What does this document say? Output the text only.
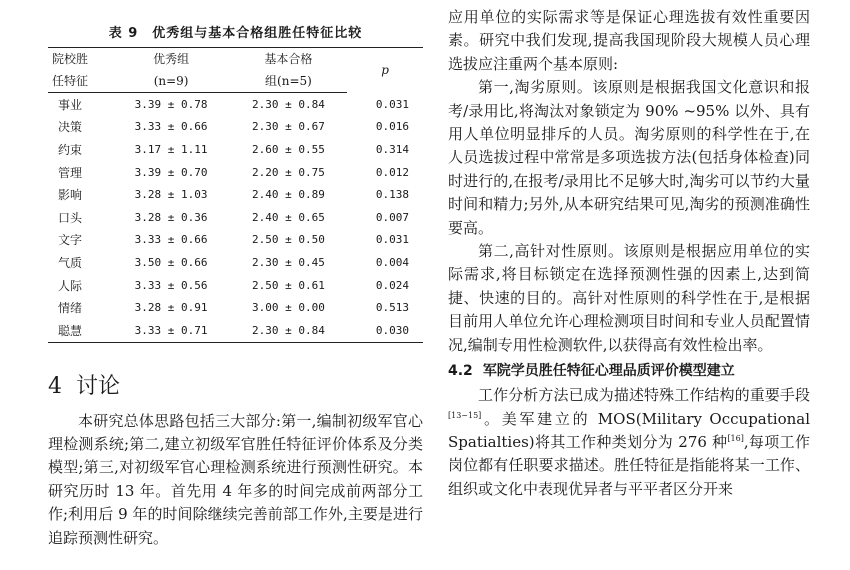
表 9 优秀组与基本合格组胜任特征比较
院校胜	优秀组	基本合格	p
任特征	(n=9)	组(n=5)	
事业	3.39 ± 0.78	2.30 ± 0.84	0.031
决策	3.33 ± 0.66	2.30 ± 0.67	0.016
约束	3.17 ± 1.11	2.60 ± 0.55	0.314
管理	3.39 ± 0.70	2.20 ± 0.75	0.012
影响	3.28 ± 1.03	2.40 ± 0.89	0.138
口头	3.28 ± 0.36	2.40 ± 0.65	0.007
文字	3.33 ± 0.66	2.50 ± 0.50	0.031
气质	3.50 ± 0.66	2.30 ± 0.45	0.004
人际	3.33 ± 0.56	2.50 ± 0.61	0.024
情绪	3.28 ± 0.91	3.00 ± 0.00	0.513
聪慧	3.33 ± 0.71	2.30 ± 0.84	0.030
4 讨论

本研究总体思路包括三大部分:第一,编制初级军官心理检测系统;第二,建立初级军官胜任特征评价体系及分类模型;第三,对初级军官心理检测系统进行预测性研究。本研究历时 13 年。首先用 4 年多的时间完成前两部分工作;利用后 9 年的时间除继续完善前部工作外,主要是进行追踪预测性研究。

应用单位的实际需求等是保证心理选拔有效性重要因素。研究中我们发现,提高我国现阶段大规模人员心理选拔应注重两个基本原则:

第一,淘劣原则。该原则是根据我国文化意识和报考/录用比,将淘汰对象锁定为 90% ~95% 以外、具有用人单位明显排斥的人员。淘劣原则的科学性在于,在人员选拔过程中常常是多项选拔方法(包括身体检查)同时进行的,在报考/录用比不足够大时,淘劣可以节约大量时间和精力;另外,从本研究结果可见,淘劣的预测准确性要高。

第二,高针对性原则。该原则是根据应用单位的实际需求,将目标锁定在选择预测性强的因素上,达到简捷、快速的目的。高针对性原则的科学性在于,是根据目前用人单位允许心理检测项目时间和专业人员配置情况,编制专用性检测软件,以获得高有效性检出率。

4.2 军院学员胜任特征心理品质评价模型建立

工作分析方法已成为描述特殊工作结构的重要手段[13~15]。美军建立的 MOS(Military Occupational Spatialties)将其工作种类划分为 276 种[16],每项工作岗位都有任职要求描述。胜任特征是指能将某一工作、组织或文化中表现优异者与平平者区分开来
